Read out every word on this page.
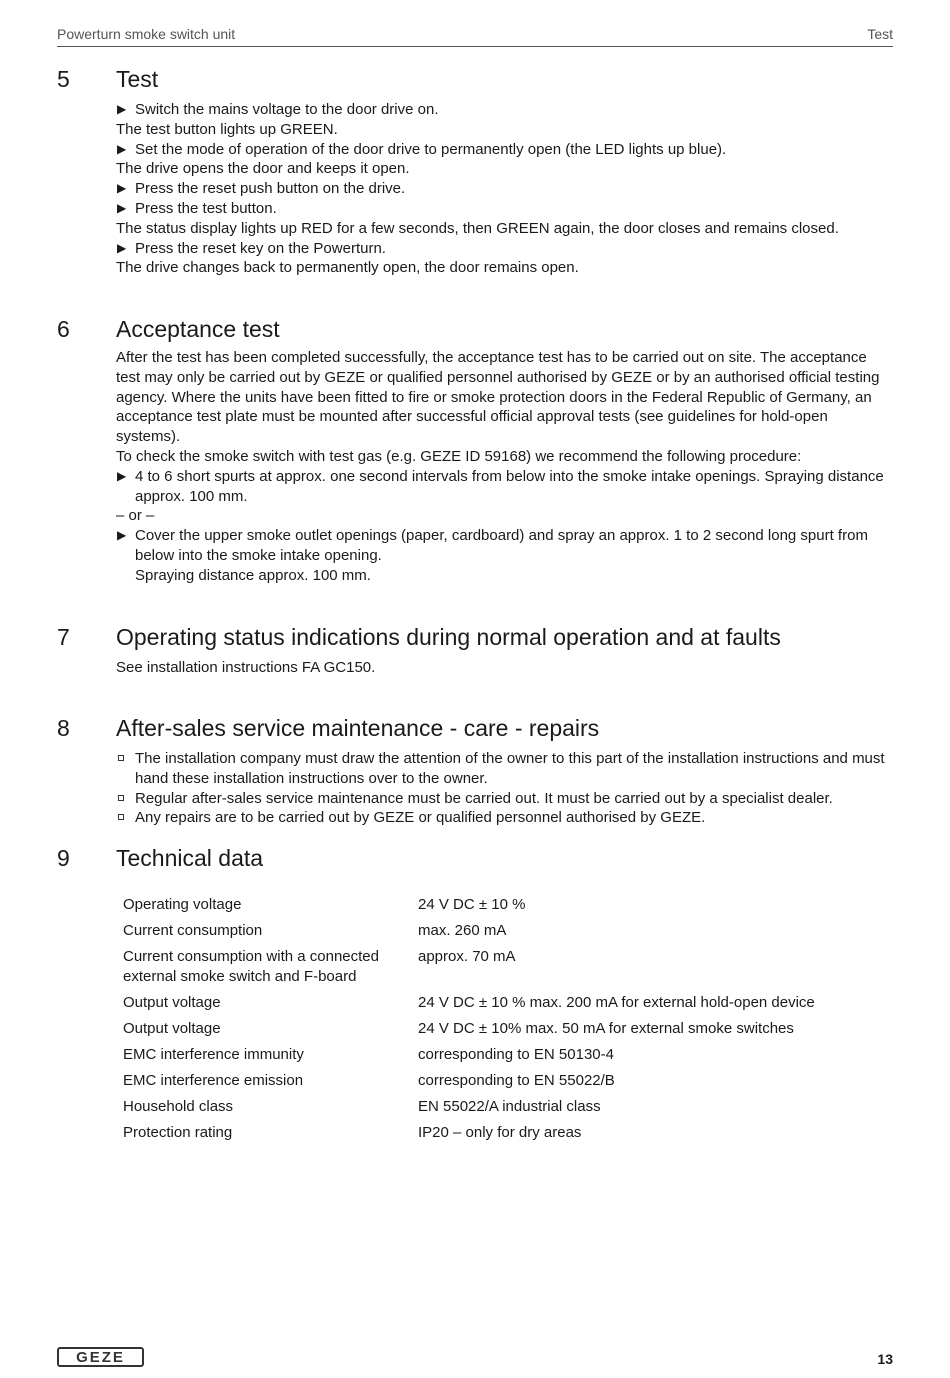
Powerturn smoke switch unit	Test
5 Test
▶ Switch the mains voltage to the door drive on.

The test button lights up GREEN.

▶ Set the mode of operation of the door drive to permanently open (the LED lights up blue).

The drive opens the door and keeps it open.

▶ Press the reset push button on the drive.
▶ Press the test button.

The status display lights up RED for a few seconds, then GREEN again, the door closes and remains closed.

▶ Press the reset key on the Powerturn.

The drive changes back to permanently open, the door remains open.

6 Acceptance test

After the test has been completed successfully, the acceptance test has to be carried out on site. The acceptance test may only be carried out by GEZE or qualified personnel authorised by GEZE or by an authorised official testing agency. Where the units have been fitted to fire or smoke protection doors in the Federal Republic of Germany, an acceptance test plate must be mounted after successful official approval tests (see guidelines for hold-open systems).

To check the smoke switch with test gas (e.g. GEZE ID 59168) we recommend the following procedure:

▶ 4 to 6 short spurts at approx. one second intervals from below into the smoke intake openings. Spraying distance approx. 100 mm.

– or –

▶ Cover the upper smoke outlet openings (paper, cardboard) and spray an approx. 1 to 2 second long spurt from below into the smoke intake opening.
Spraying distance approx. 100 mm.
7 Operating status indications during normal operation and at faults

See installation instructions FA GC150.

8 After-sales service maintenance - care - repairs
The installation company must draw the attention of the owner to this part of the installation instructions and must hand these installation instructions over to the owner.
Regular after-sales service maintenance must be carried out. It must be carried out by a specialist dealer.
Any repairs are to be carried out by GEZE or qualified personnel authorised by GEZE.
9 Technical data
Operating voltage	24 V DC ± 10 %
Current consumption	max. 260 mA
Current consumption with a connected external smoke switch and F-board	approx. 70 mA
Output voltage	24 V DC ± 10 % max. 200 mA for external hold-open device
Output voltage	24 V DC ± 10% max. 50 mA for external smoke switches
EMC interference immunity	corresponding to EN 50130-4
EMC interference emission	corresponding to EN 55022/B
Household class	EN 55022/A industrial class
Protection rating	IP20 – only for dry areas
GEZE	13
